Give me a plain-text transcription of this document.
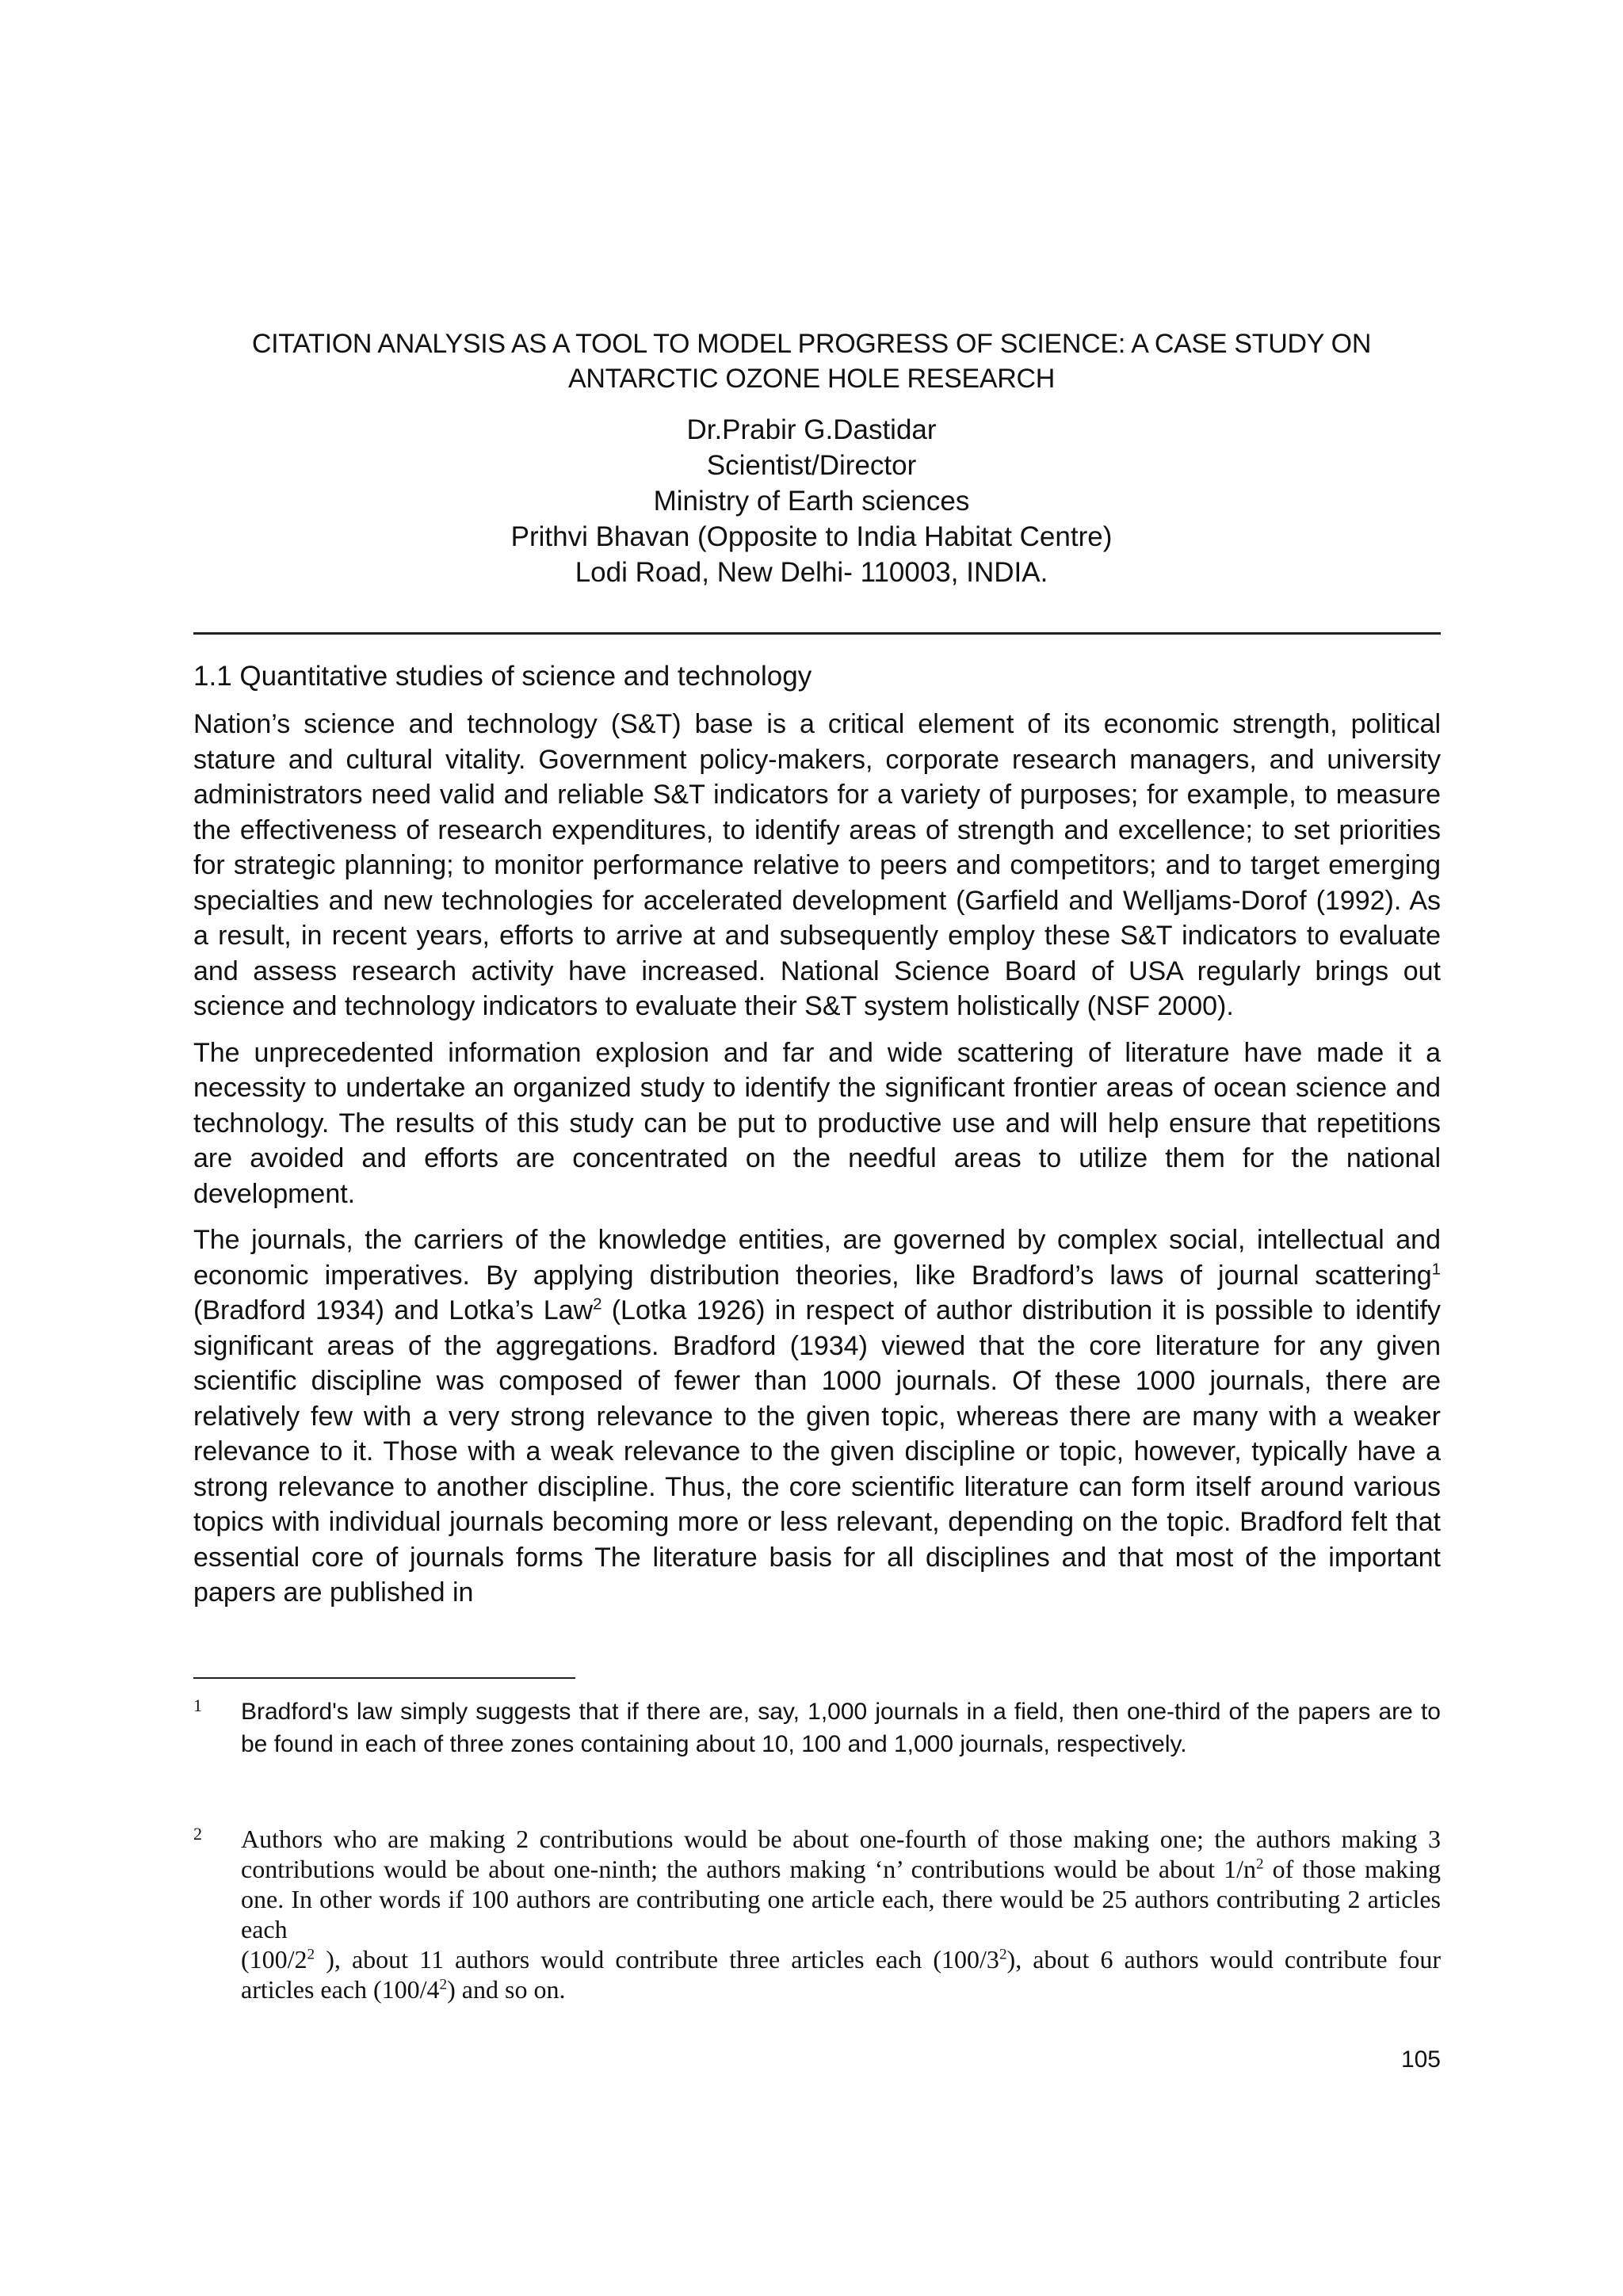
CITATION ANALYSIS AS A TOOL TO MODEL PROGRESS OF SCIENCE: A CASE STUDY ON
ANTARCTIC OZONE HOLE RESEARCH
Dr.Prabir G.Dastidar
Scientist/Director
Ministry of Earth sciences
Prithvi Bhavan (Opposite to India Habitat Centre)
Lodi Road, New Delhi- 110003, INDIA.
1.1 Quantitative studies of science and technology

Nation’s science and technology (S&T) base is a critical element of its economic strength, political stature and cultural vitality. Government policy-makers, corporate research managers, and university administrators need valid and reliable S&T indicators for a variety of purposes; for example, to measure the effectiveness of research expenditures, to identify areas of strength and excellence; to set priorities for strategic planning; to monitor performance relative to peers and competitors; and to target emerging specialties and new technologies for accelerated development (Garfield and Welljams-Dorof (1992). As a result, in recent years, efforts to arrive at and subsequently employ these S&T indicators to evaluate and assess research activity have increased. National Science Board of USA regularly brings out science and technology indicators to evaluate their S&T system holistically (NSF 2000).

The unprecedented information explosion and far and wide scattering of literature have made it a necessity to undertake an organized study to identify the significant frontier areas of ocean science and technology. The results of this study can be put to productive use and will help ensure that repetitions are avoided and efforts are concentrated on the needful areas to utilize them for the national development.

The journals, the carriers of the knowledge entities, are governed by complex social, intellectual and economic imperatives. By applying distribution theories, like Bradford’s laws of journal scattering$^1$ (Bradford 1934) and Lotka’s Law$^2$ (Lotka 1926) in respect of author distribution it is possible to identify significant areas of the aggregations. Bradford (1934) viewed that the core literature for any given scientific discipline was composed of fewer than 1000 journals. Of these 1000 journals, there are relatively few with a very strong relevance to the given topic, whereas there are many with a weaker relevance to it. Those with a weak relevance to the given discipline or topic, however, typically have a strong relevance to another discipline. Thus, the core scientific literature can form itself around various topics with individual journals becoming more or less relevant, depending on the topic. Bradford felt that essential core of journals forms The literature basis for all disciplines and that most of the important papers are published in

1 Bradford's law simply suggests that if there are, say, 1,000 journals in a field, then one-third of the papers are to be found in each of three zones containing about 10, 100 and 1,000 journals, respectively.
2 Authors who are making 2 contributions would be about one-fourth of those making one; the authors making 3 contributions would be about one-ninth; the authors making ‘n’ contributions would be about $1/n^2$ of those making one. In other words if 100 authors are contributing one article each, there would be 25 authors contributing 2 articles each

($100/2^2$ ), about 11 authors would contribute three articles each $(100/3^2)$, about 6 authors would contribute four articles each $(100/4^2)$ and so on.

105
